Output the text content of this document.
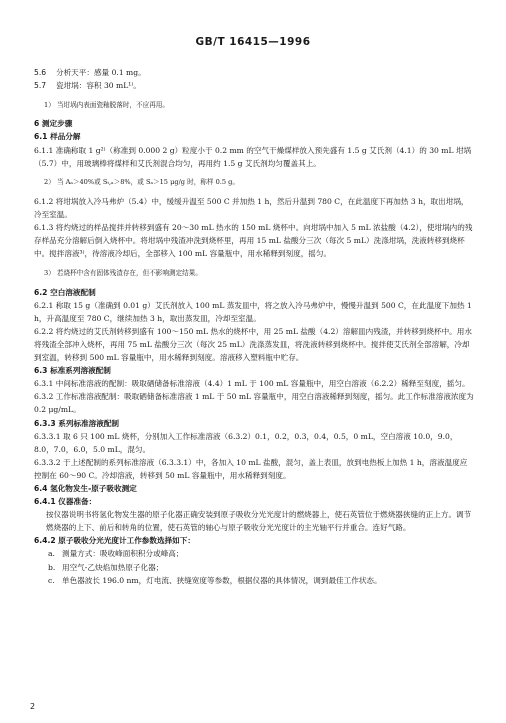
GB/T 16415—1996

5.6 分析天平：感量 0.1 mg。

5.7 瓷坩埚：容积 30 mL¹⁾。

1） 当坩埚内表面瓷釉脱落时，不应再用。

6 测定步骤

6.1 样品分解

6.1.1 准确称取 1 g²⁾（称准到 0.000 2 g）粒度小于 0.2 mm 的空气干燥煤样放入预先盛有 1.5 g 艾氏剂（4.1）的 30 mL 坩埚（5.7）中，用玻璃棒将煤样和艾氏剂混合均匀，再用约 1.5 g 艾氏剂均匀覆盖其上。

2） 当 Aₐ＞40%或 Sₜ,ₐ＞8%，或 Sₐ＞15 μg/g 时，称样 0.5 g。

6.1.2 将坩埚放入冷马弗炉（5.4）中，缓缓升温至 500 C 并加热 1 h，然后升温到 780 C，在此温度下再加热 3 h，取出坩埚，冷至室温。

6.1.3 将灼烧过的样品搅拌并转移到盛有 20～30 mL 热水的 150 mL 烧杯中。向坩埚中加入 5 mL 浓盐酸（4.2），使坩埚内的残存样品充分溶解后倒入烧杯中。将坩埚中残渣冲洗到烧杯里，再用 15 mL 盐酸分三次（每次 5 mL）洗涤坩埚，洗液转移到烧杯中。搅拌溶液³⁾，待溶液冷却后，全部移入 100 mL 容量瓶中，用水稀释到刻度，摇匀。

3） 若烧杯中含有固体残渣存在，但不影响测定结果。

6.2 空白溶液配制

6.2.1 称取 15 g（准确到 0.01 g）艾氏剂放入 100 mL 蒸发皿中，将之放入冷马弗炉中，慢慢升温到 500 C，在此温度下加热 1 h，升高温度至 780 C，继续加热 3 h，取出蒸发皿，冷却至室温。

6.2.2 将灼烧过的艾氏剂转移到盛有 100～150 mL 热水的烧杯中，用 25 mL 盐酸（4.2）溶解皿内残渣，并转移到烧杯中。用水将残渣全部冲入烧杯，再用 75 mL 盐酸分三次（每次 25 mL）洗涤蒸发皿，将洗液转移到烧杯中。搅拌使艾氏剂全部溶解，冷却到室温，转移到 500 mL 容量瓶中，用水稀释到刻度。溶液移入塑料瓶中贮存。

6.3 标准系列溶液配制

6.3.1 中间标准溶液的配制：吸取硒储备标准溶液（4.4）1 mL 于 100 mL 容量瓶中，用空白溶液（6.2.2）稀释至刻度，摇匀。

6.3.2 工作标准溶液配制：吸取硒储备标准溶液 1 mL 于 50 mL 容量瓶中，用空白溶液稀释到刻度，摇匀。此工作标准溶液浓度为 0.2 μg/mL。

6.3.3 系列标准溶液配制

6.3.3.1 取 6 只 100 mL 烧杯，分别加入工作标准溶液（6.3.2）0.1，0.2，0.3，0.4，0.5，0 mL，空白溶液 10.0，9.0，8.0，7.0，6.0，5.0 mL，混匀。

6.3.3.2 于上述配制的系列标准溶液（6.3.3.1）中，各加入 10 mL 盐酸，混匀，盖上表皿，放到电热板上加热 1 h，溶液温度应控制在 60～90 C。冷却溶液，转移到 50 mL 容量瓶中，用水稀释到刻度。

6.4 氢化物发生-原子吸收测定

6.4.1 仪器准备：

按仪器说明书将氢化物发生器的原子化器正确安装到原子吸收分光光度计的燃烧器上，使石英管位于燃烧器狭缝的正上方。调节燃烧器的上下、前后和转角的位置，使石英管的轴心与原子吸收分光光度计的主光轴平行并重合。连好气路。

6.4.2 原子吸收分光光度计工作参数选择如下：

a. 测量方式：吸收峰面积积分或峰高；
b. 用空气-乙炔焰加热原子化器；
c. 单色器波长 196.0 nm，灯电流、狭缝宽度等参数，根据仪器的具体情况，调到最佳工作状态。
2
